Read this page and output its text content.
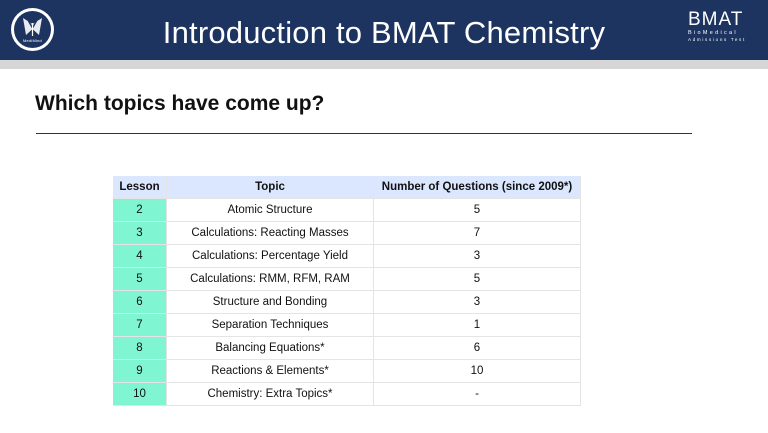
MediMind	Introduction to BMAT Chemistry	BMAT
BioMedical
Admissions Test
Which topics have come up?
Lesson	Topic	Number of Questions (since 2009*)
2	Atomic Structure	5
3	Calculations: Reacting Masses	7
4	Calculations: Percentage Yield	3
5	Calculations: RMM, RFM, RAM	5
6	Structure and Bonding	3
7	Separation Techniques	1
8	Balancing Equations*	6
9	Reactions & Elements*	10
10	Chemistry: Extra Topics*	-
